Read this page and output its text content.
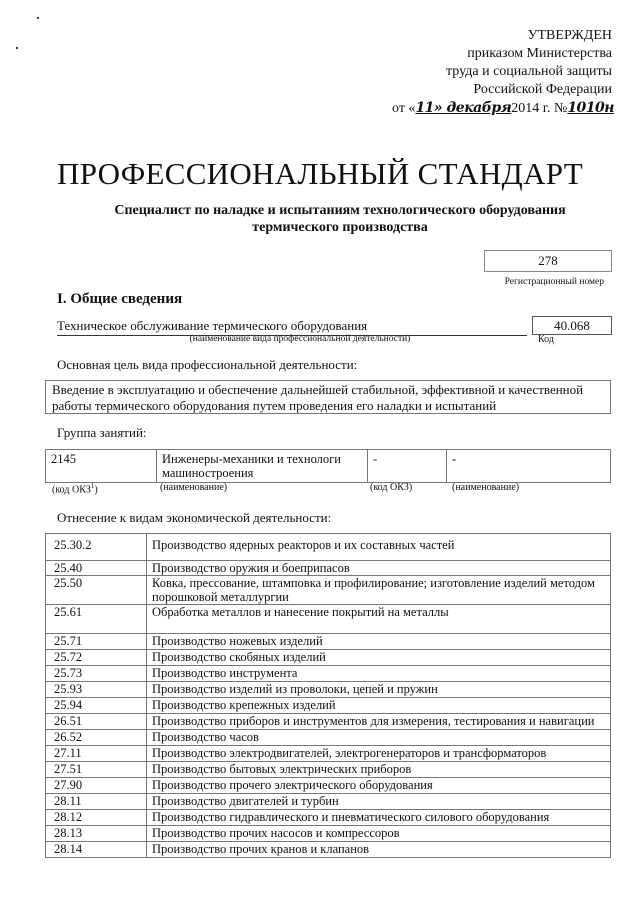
УТВЕРЖДЕН
приказом Министерства
труда и социальной защиты
Российской Федерации
от «11» декабря2014 г. №1010н
ПРОФЕССИОНАЛЬНЫЙ СТАНДАРТ
Специалист по наладке и испытаниям технологического оборудования термического производства
278
Регистрационный номер
I. Общие сведения
Техническое обслуживание термического оборудования
(наименование вида профессиональной деятельности)
40.068
Код
Основная цель вида профессиональной деятельности:
Введение в эксплуатацию и обеспечение дальнейшей стабильной, эффективной и качественной работы термического оборудования путем проведения его наладки и испытаний
Группа занятий:
2145	Инженеры-механики и технологи машиностроения	-	-
(код ОКЗ$^1$)	(наименование)	(код ОКЗ)	(наименование)
Отнесение к видам экономической деятельности:
25.30.2	Производство ядерных реакторов и их составных частей
25.40	Производство оружия и боеприпасов
25.50	Ковка, прессование, штамповка и профилирование; изготовление изделий методом порошковой металлургии
25.61	Обработка металлов и нанесение покрытий на металлы
25.71	Производство ножевых изделий
25.72	Производство скобяных изделий
25.73	Производство инструмента
25.93	Производство изделий из проволоки, цепей и пружин
25.94	Производство крепежных изделий
26.51	Производство приборов и инструментов для измерения, тестирования и навигации
26.52	Производство часов
27.11	Производство электродвигателей, электрогенераторов и трансформаторов
27.51	Производство бытовых электрических приборов
27.90	Производство прочего электрического оборудования
28.11	Производство двигателей и турбин
28.12	Производство гидравлического и пневматического силового оборудования
28.13	Производство прочих насосов и компрессоров
28.14	Производство прочих кранов и клапанов
